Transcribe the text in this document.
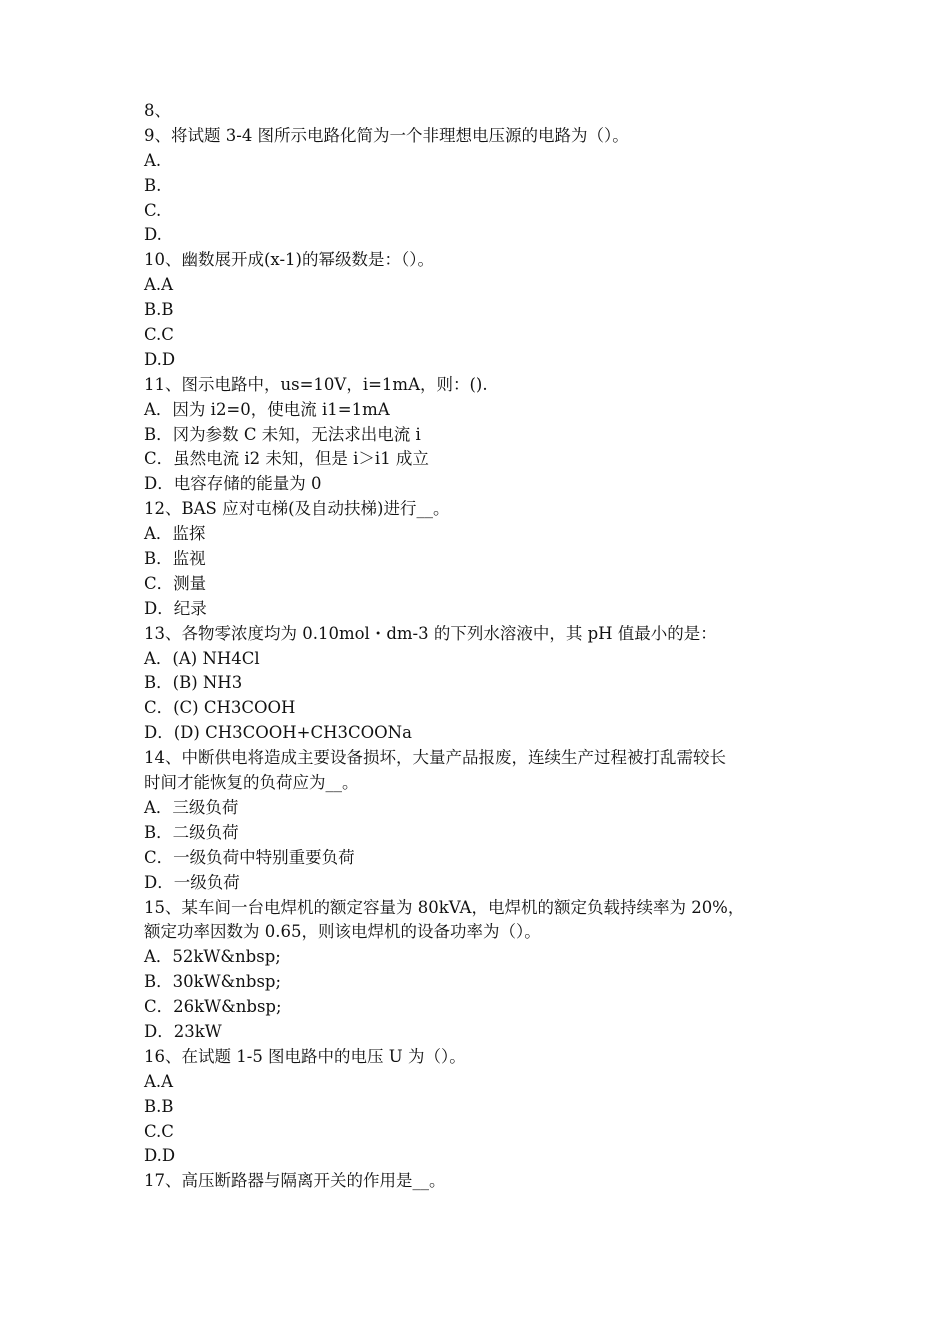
8、
9、将试题 3-4 图所示电路化简为一个非理想电压源的电路为（）。
A.
B.
C.
D.
10、幽数展开成(x-1)的幂级数是：（）。
A.A
B.B
C.C
D.D
11、图示电路中，us=10V，i=1mA，则：().
A．因为 i2=0，使电流 i1=1mA
B．冈为参数 C 未知，无法求出电流 i
C．虽然电流 i2 未知，但是 i＞i1 成立
D．电容存储的能量为 0
12、BAS 应对屯梯(及自动扶梯)进行__。
A．监探
B．监视
C．测量
D．纪录
13、各物零浓度均为 0.10mol・dm-3 的下列水溶液中，其 pH 值最小的是：
A．(A) NH4Cl
B．(B) NH3
C．(C) CH3COOH
D．(D) CH3COOH+CH3COONa
14、中断供电将造成主要设备损坏，大量产品报废，连续生产过程被打乱需较长
时间才能恢复的负荷应为__。
A．三级负荷
B．二级负荷
C．一级负荷中特别重要负荷
D．一级负荷
15、某车间一台电焊机的额定容量为 80kVA，电焊机的额定负载持续率为 20%，
额定功率因数为 0.65，则该电焊机的设备功率为（）。
A．52kW&nbsp;
B．30kW&nbsp;
C．26kW&nbsp;
D．23kW
16、在试题 1-5 图电路中的电压 U 为（）。
A.A
B.B
C.C
D.D
17、高压断路器与隔离开关的作用是__。
